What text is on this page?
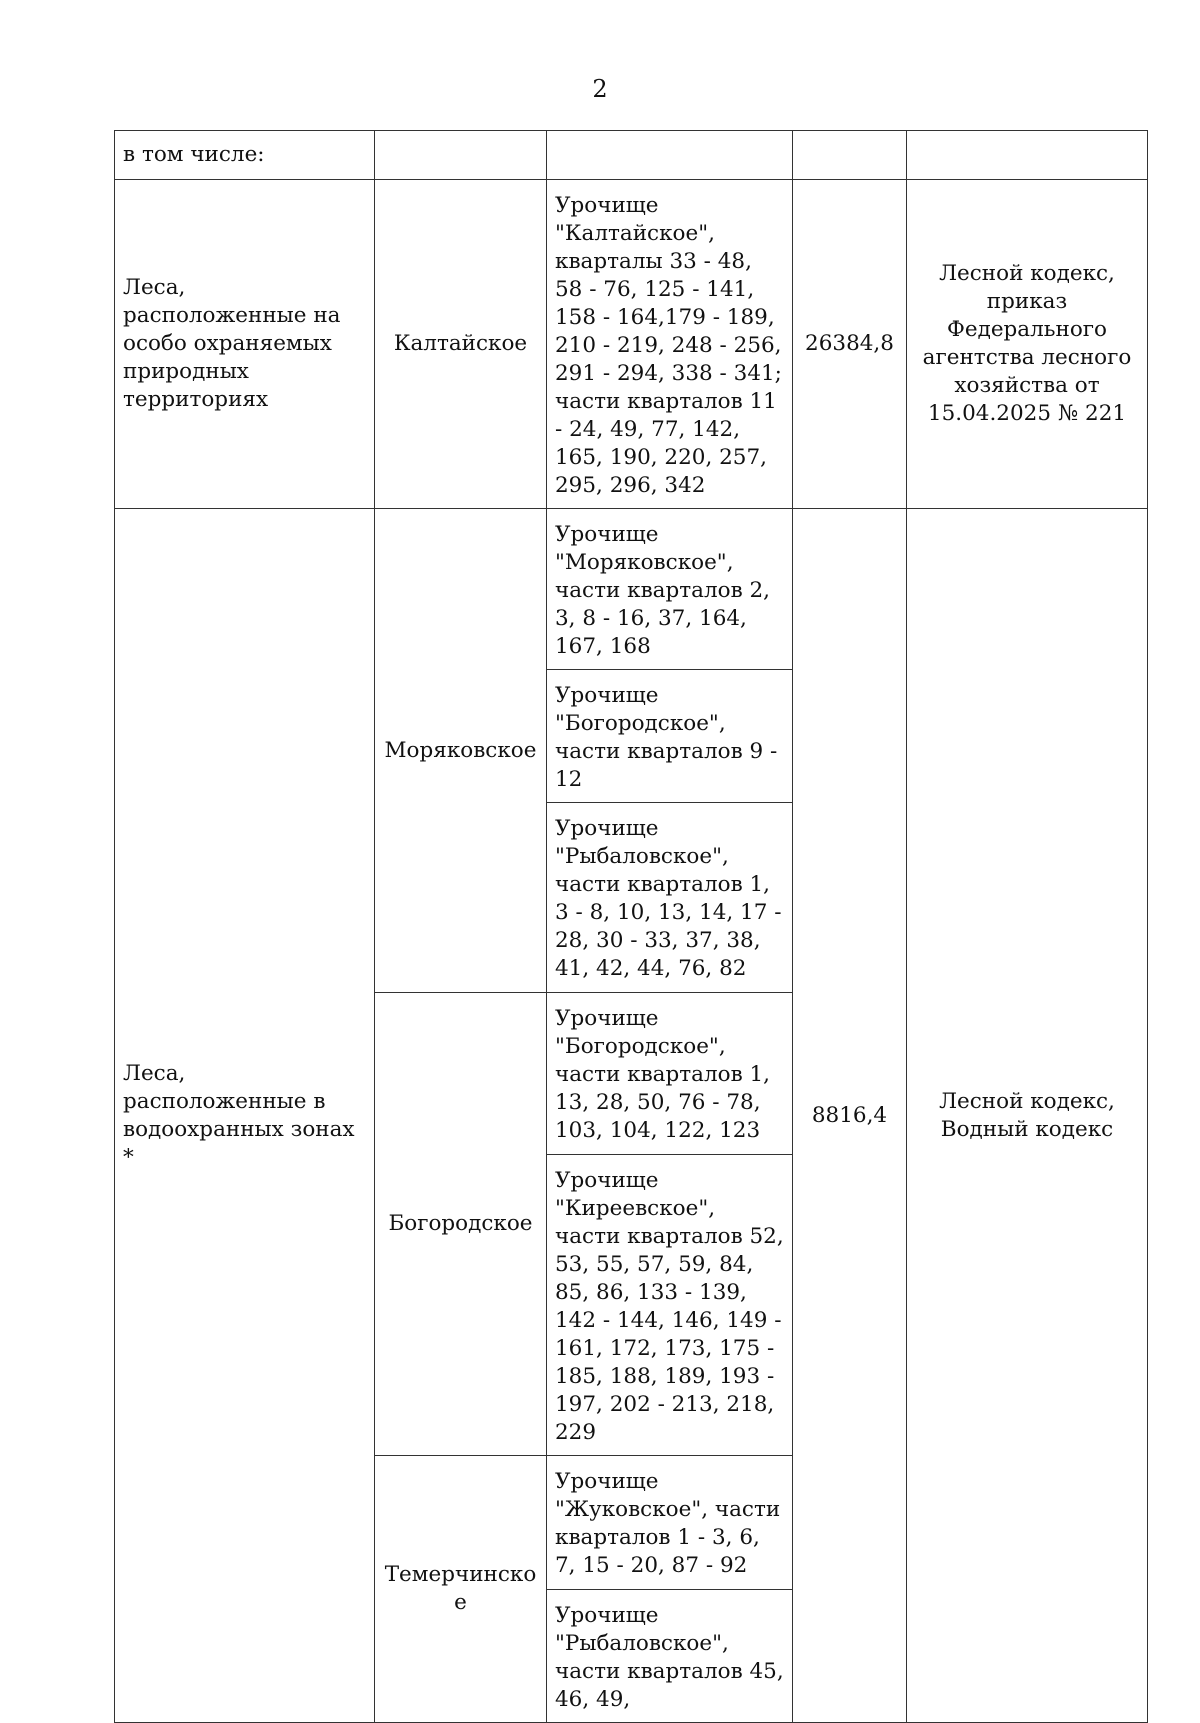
2
в том числе:				
Леса, расположенные на особо охраняемых природных территориях	Калтайское	Урочище "Калтайское", кварталы 33 - 48, 58 - 76, 125 - 141, 158 - 164,179 - 189, 210 - 219, 248 - 256, 291 - 294, 338 - 341; части кварталов 11 - 24, 49, 77, 142, 165, 190, 220, 257, 295, 296, 342	26384,8	Лесной кодекс, приказ Федерального агентства лесного хозяйства от 15.04.2025 № 221
Леса, расположенные в водоохранных зонах *	Моряковское	Урочище "Моряковское", части кварталов 2, 3, 8 - 16, 37, 164, 167, 168	8816,4	Лесной кодекс, Водный кодекс
		Урочище "Богородское", части кварталов 9 - 12		
		Урочище "Рыбаловское", части кварталов 1, 3 - 8, 10, 13, 14, 17 - 28, 30 - 33, 37, 38, 41, 42, 44, 76, 82		
	Богородское	Урочище "Богородское", части кварталов 1, 13, 28, 50, 76 - 78, 103, 104, 122, 123		
		Урочище "Киреевское", части кварталов 52, 53, 55, 57, 59, 84, 85, 86, 133 - 139, 142 - 144, 146, 149 - 161, 172, 173, 175 - 185, 188, 189, 193 - 197, 202 - 213, 218, 229		
	Темерчинское	Урочище "Жуковское", части кварталов 1 - 3, 6, 7, 15 - 20, 87 - 92		
		Урочище "Рыбаловское", части кварталов 45, 46, 49,		
